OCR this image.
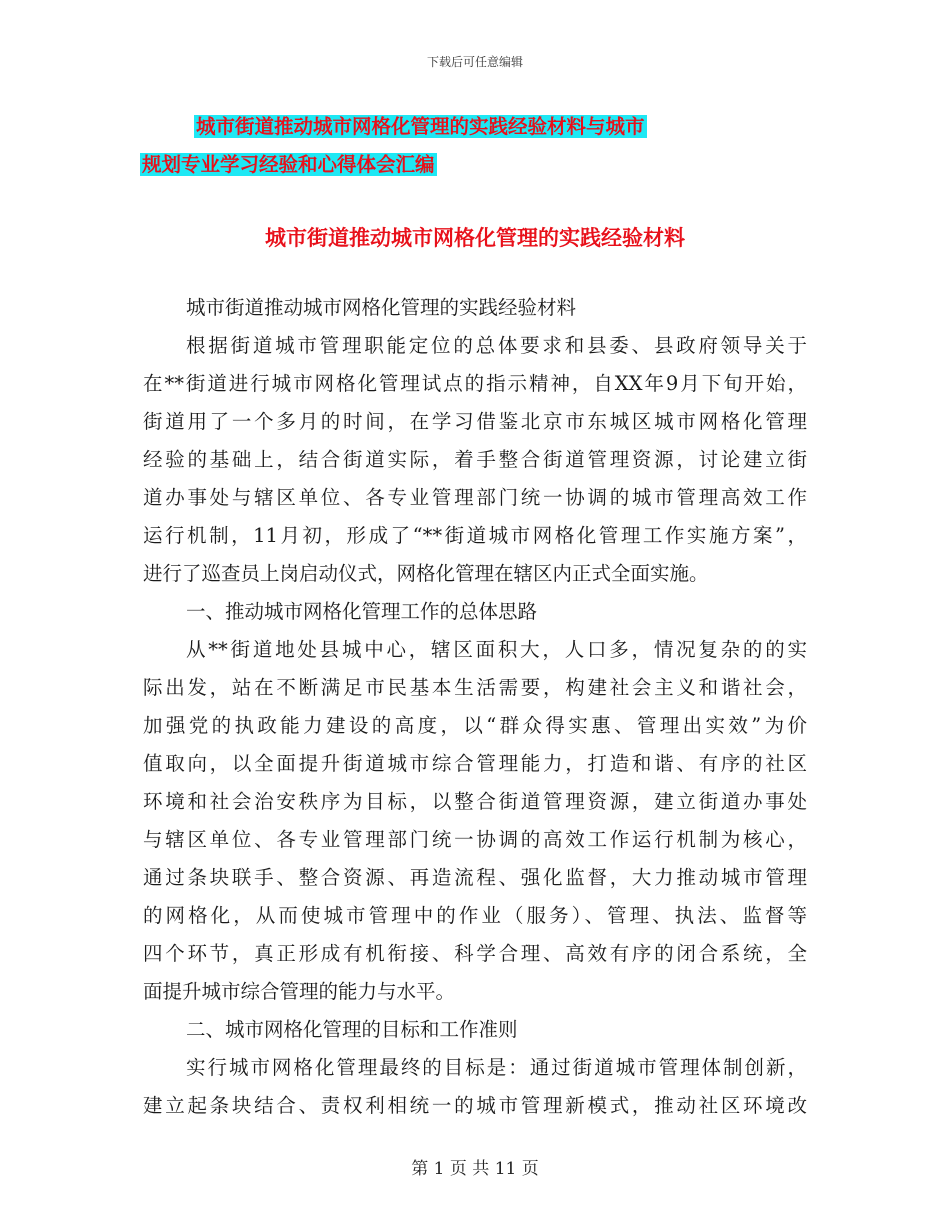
下载后可任意编辑
城市街道推动城市网格化管理的实践经验材料与城市
规划专业学习经验和心得体会汇编
城市街道推动城市网格化管理的实践经验材料
城市街道推动城市网格化管理的实践经验材料
根据街道城市管理职能定位的总体要求和县委、县政府领导关于
在**街道进行城市网格化管理试点的指示精神，自XX年9月下旬开始，
街道用了一个多月的时间，在学习借鉴北京市东城区城市网格化管理
经验的基础上，结合街道实际，着手整合街道管理资源，讨论建立街
道办事处与辖区单位、各专业管理部门统一协调的城市管理高效工作
运行机制，11月初，形成了“**街道城市网格化管理工作实施方案”，
进行了巡查员上岗启动仪式，网格化管理在辖区内正式全面实施。
一、推动城市网格化管理工作的总体思路
从**街道地处县城中心，辖区面积大，人口多，情况复杂的的实
际出发，站在不断满足市民基本生活需要，构建社会主义和谐社会，
加强党的执政能力建设的高度，以“群众得实惠、管理出实效”为价
值取向，以全面提升街道城市综合管理能力，打造和谐、有序的社区
环境和社会治安秩序为目标，以整合街道管理资源，建立街道办事处
与辖区单位、各专业管理部门统一协调的高效工作运行机制为核心，
通过条块联手、整合资源、再造流程、强化监督，大力推动城市管理
的网格化，从而使城市管理中的作业（服务）、管理、执法、监督等
四个环节，真正形成有机衔接、科学合理、高效有序的闭合系统，全
面提升城市综合管理的能力与水平。
二、城市网格化管理的目标和工作准则
实行城市网格化管理最终的目标是：通过街道城市管理体制创新，
建立起条块结合、责权利相统一的城市管理新模式，推动社区环境改
第 1 页 共 11 页
